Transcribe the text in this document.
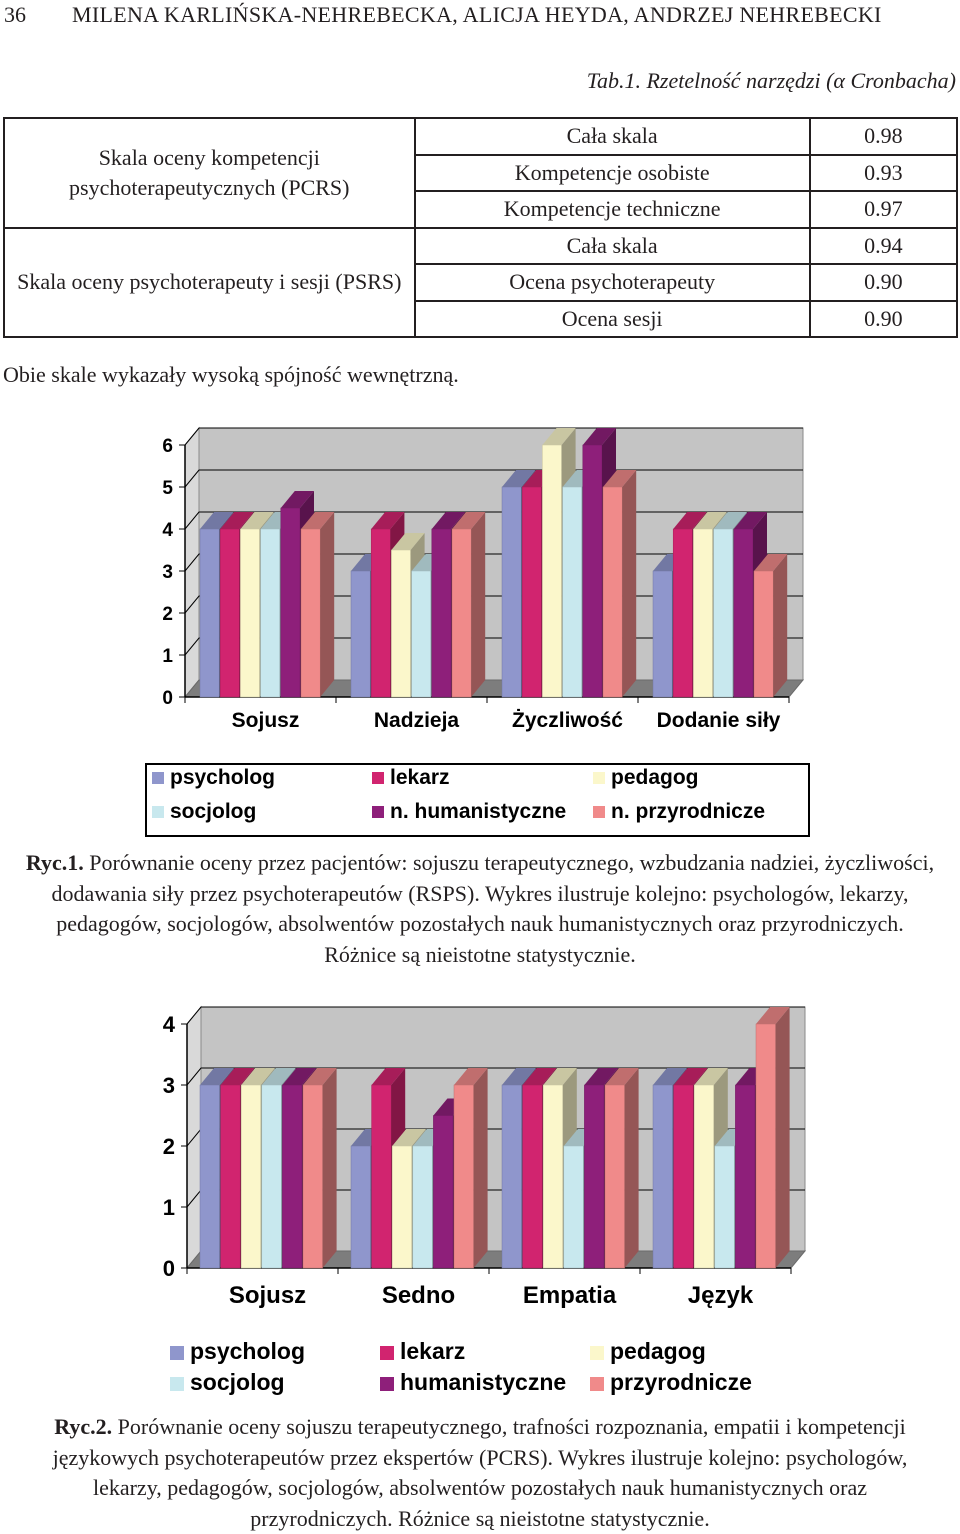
36 MILENA KARLIŃSKA-NEHREBECKA, ALICJA HEYDA, ANDRZEJ NEHREBECKI
Tab.1. Rzetelność narzędzi (α Cronbacha)
Skala oceny kompetencji psychoterapeutycznych (PCRS)	Cała skala	0.98
	Kompetencje osobiste	0.93
	Kompetencje techniczne	0.97
Skala oceny psychoterapeuty i sesji (PSRS)	Cała skala	0.94
	Ocena psychoterapeuty	0.90
	Ocena sesji	0.90
Obie skale wykazały wysoką spójność wewnętrzną.
0
1
2
3
4
5
6
Sojusz	Nadzieja	Życzliwość Dodanie siły
psycholog	lekarz	pedagog
socjolog	n. humanistyczne	n. przyrodnicze
Ryc.1. Porównanie oceny przez pacjentów: sojuszu terapeutycznego, wzbudzania nadziei, życzliwości, dodawania siły przez psychoterapeutów (RSPS). Wykres ilustruje kolejno: psychologów, lekarzy, pedagogów, socjologów, absolwentów pozostałych nauk humanistycznych oraz przyrodniczych. Różnice są nieistotne statystycznie.
0
1
2
3
4
Sojusz	Sedno	Empatia	Język
psycholog	lekarz	pedagog
socjolog	humanistyczne	przyrodnicze
Ryc.2. Porównanie oceny sojuszu terapeutycznego, trafności rozpoznania, empatii i kompetencji językowych psychoterapeutów przez ekspertów (PCRS). Wykres ilustruje kolejno: psychologów, lekarzy, pedagogów, socjologów, absolwentów pozostałych nauk humanistycznych oraz przyrodniczych. Różnice są nieistotne statystycznie.
